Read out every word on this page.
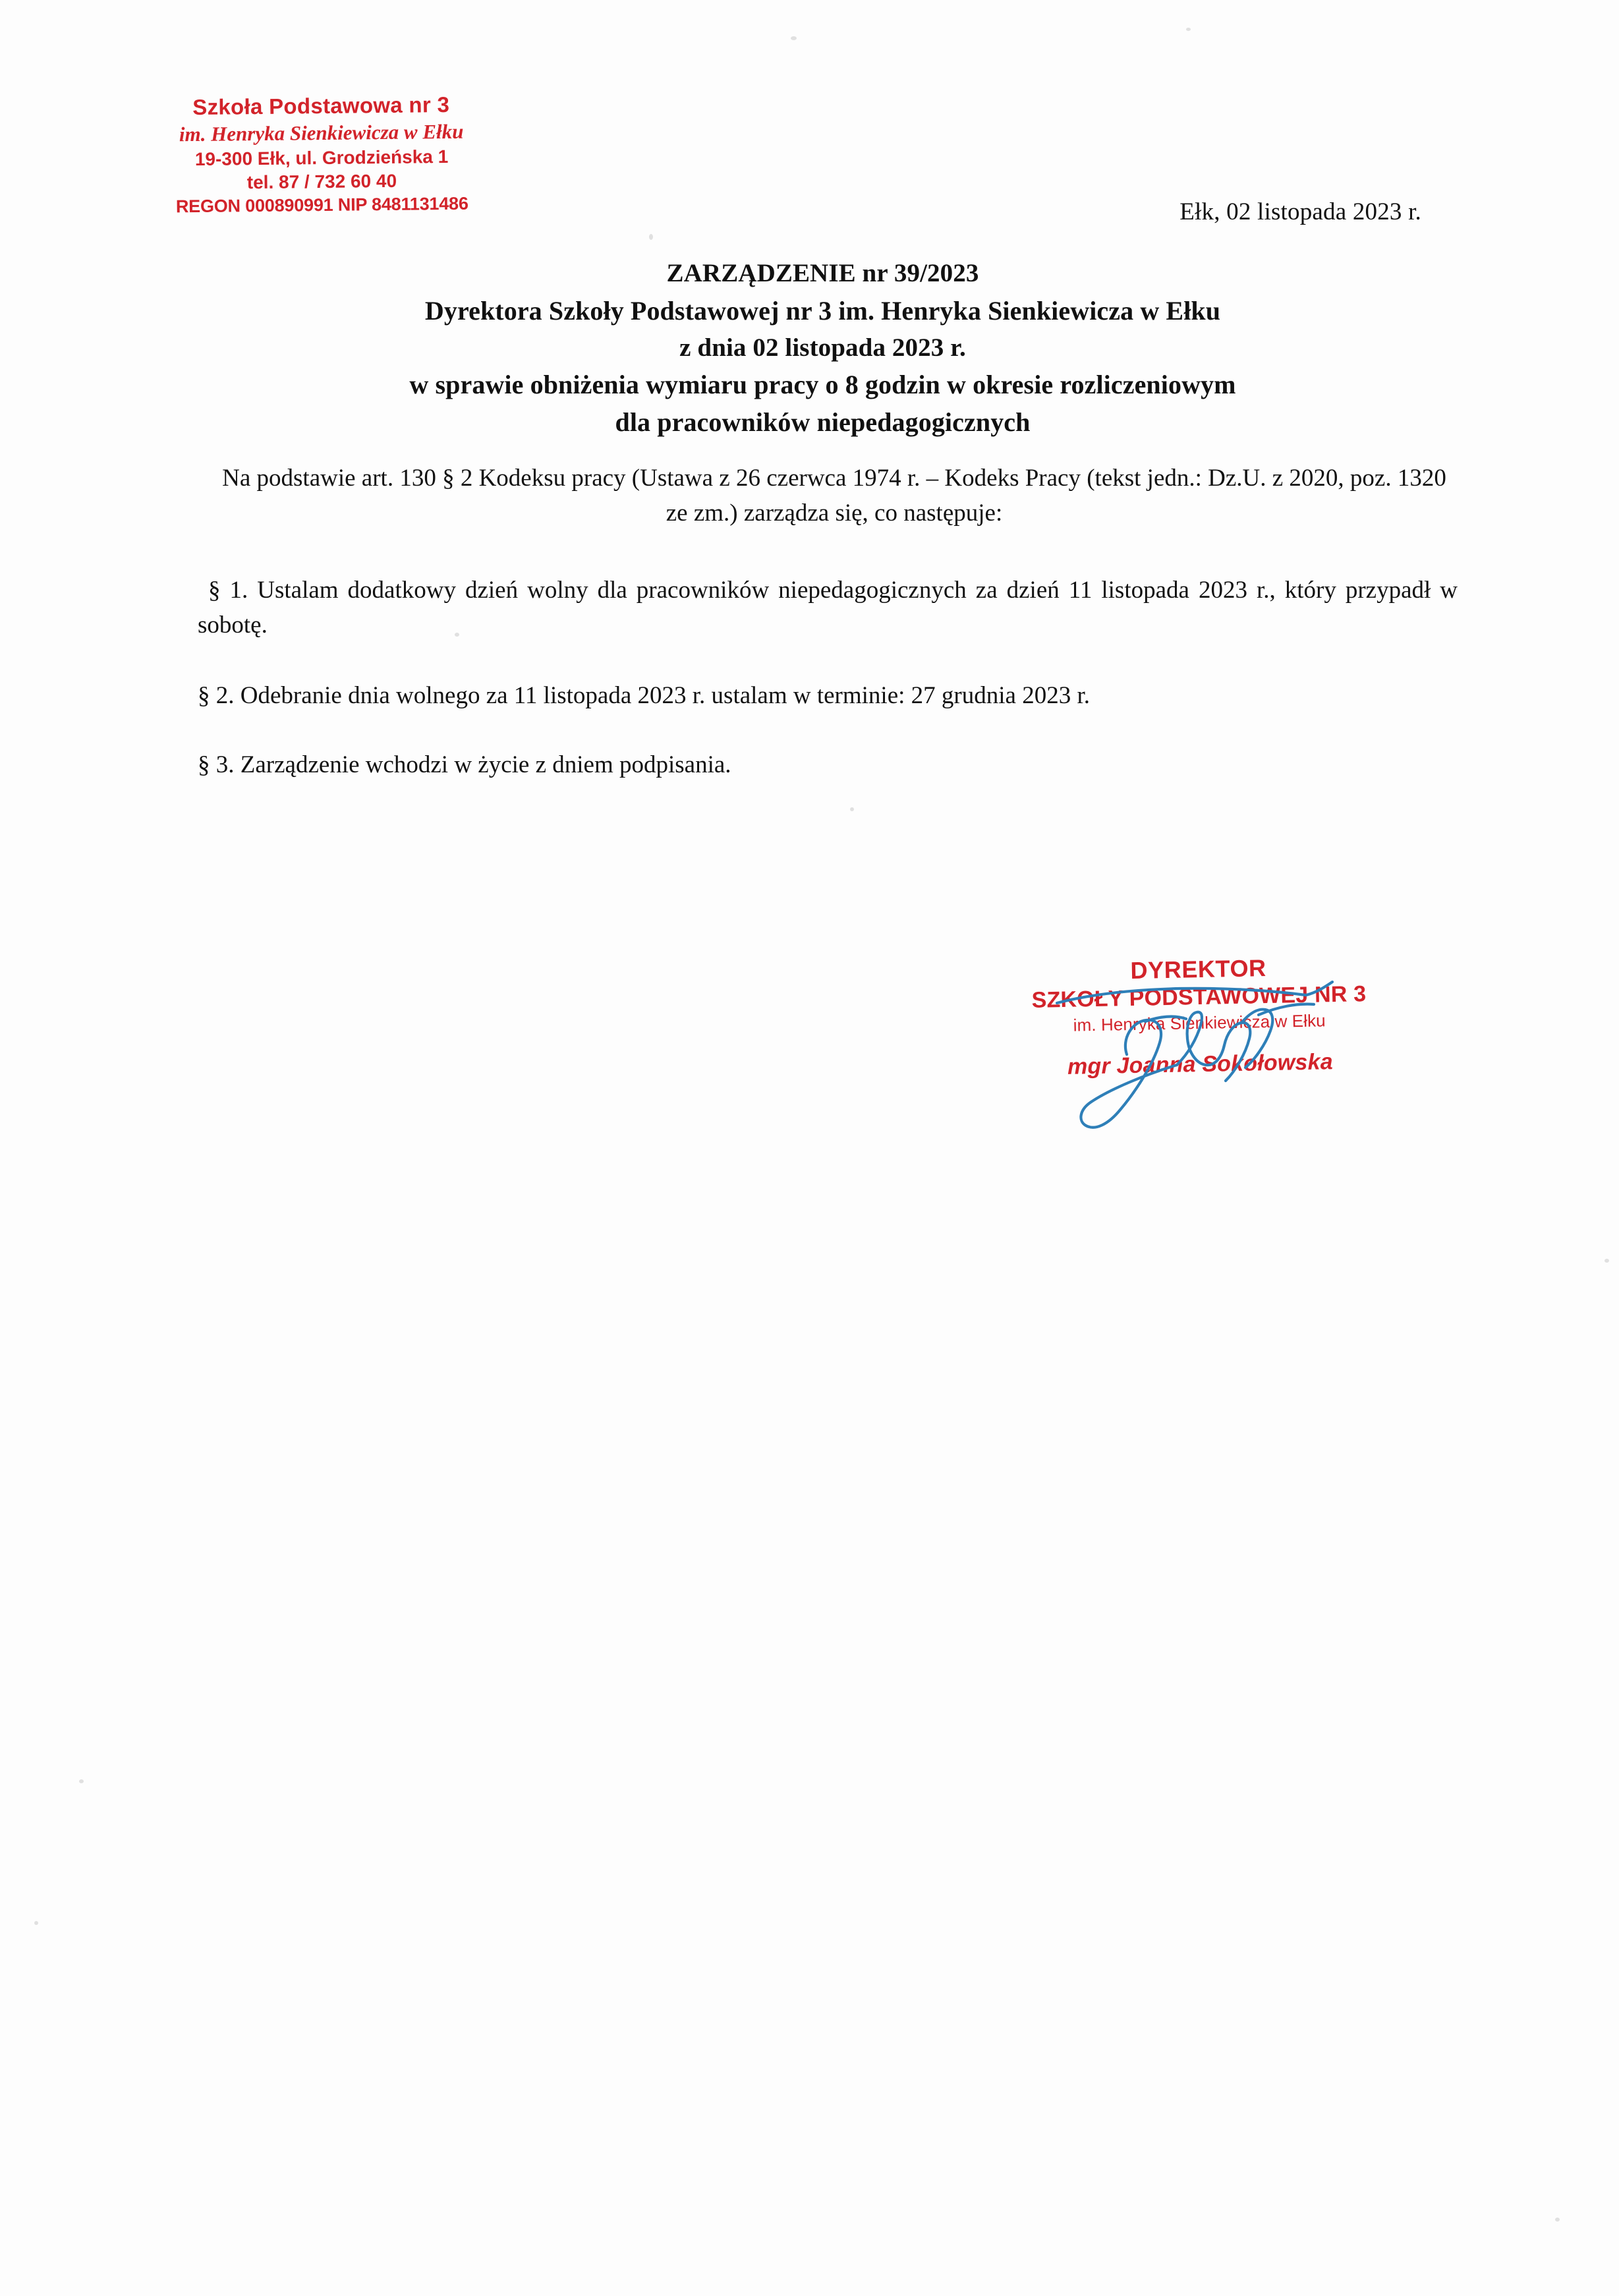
Szkoła Podstawowa nr 3
im. Henryka Sienkiewicza w Ełku
19-300 Ełk, ul. Grodzieńska 1
tel. 87 / 732 60 40
REGON 000890991 NIP 8481131486	Ełk, 02 listopada 2023 r.
ZARZĄDZENIE nr 39/2023
Dyrektora Szkoły Podstawowej nr 3 im. Henryka Sienkiewicza w Ełku
z dnia 02 listopada 2023 r.
w sprawie obniżenia wymiaru pracy o 8 godzin w okresie rozliczeniowym
dla pracowników niepedagogicznych
Na podstawie art. 130 § 2 Kodeksu pracy (Ustawa z 26 czerwca 1974 r. – Kodeks Pracy (tekst jedn.: Dz.U. z 2020, poz. 1320 ze zm.) zarządza się, co następuje:
§ 1. Ustalam dodatkowy dzień wolny dla pracowników niepedagogicznych za dzień 11 listopada 2023 r., który przypadł w sobotę.
§ 2. Odebranie dnia wolnego za 11 listopada 2023 r. ustalam w terminie: 27 grudnia 2023 r.
§ 3. Zarządzenie wchodzi w życie z dniem podpisania.
DYREKTOR
SZKOŁY PODSTAWOWEJ NR 3
im. Henryka Sienkiewicza w Ełku
mgr Joanna Sokołowska
